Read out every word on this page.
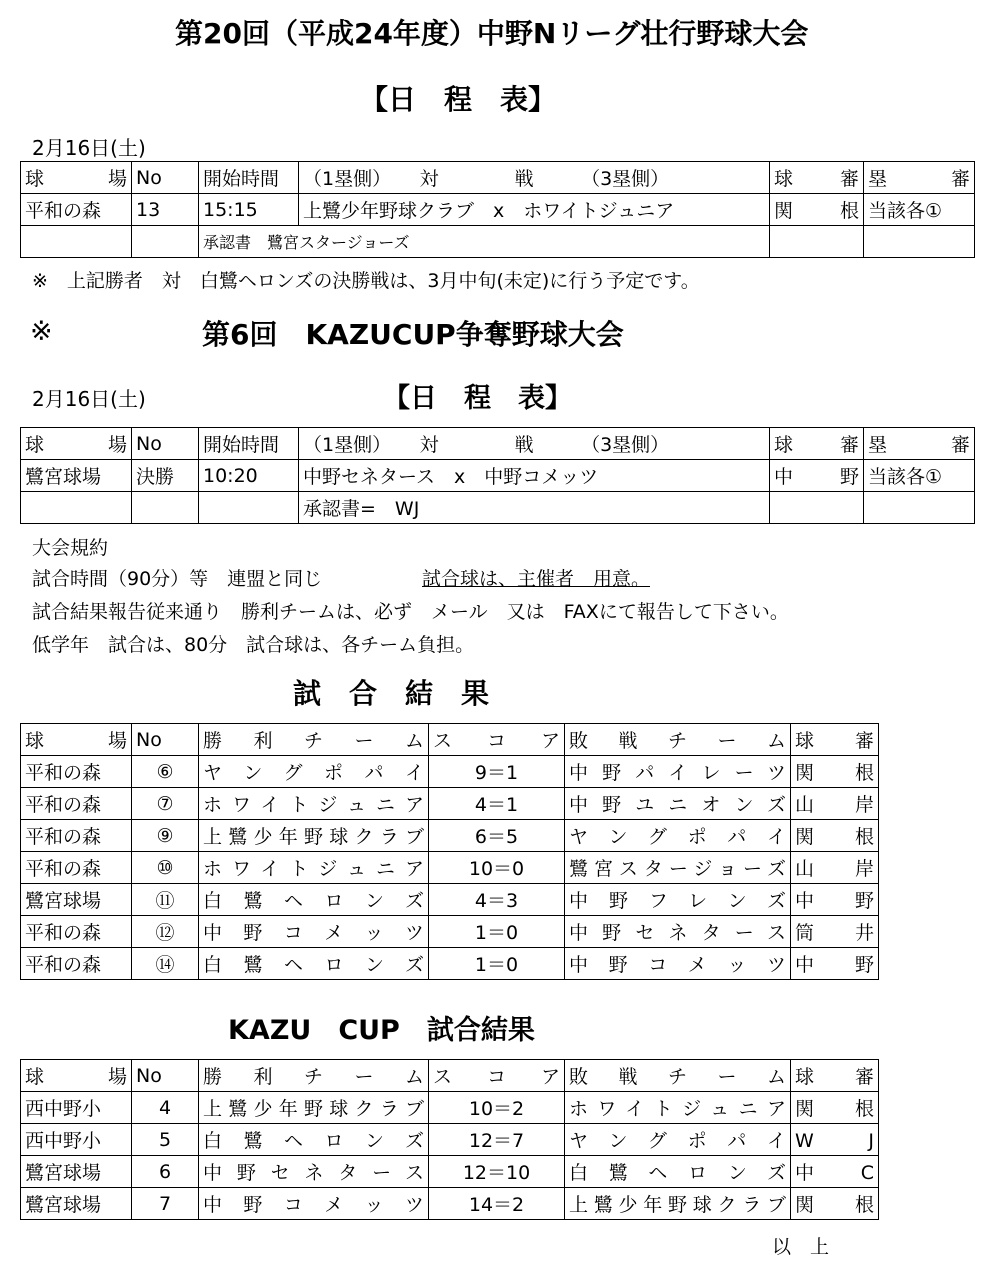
第20回（平成24年度）中野Nリーグ壮行野球大会
【日　程　表】
2月16日(土)
球　場	No	開始時間	（1塁側）　　対　　　　戦　　　（3塁側）	球　審	塁　審
平和の森	13	15:15	上鷺少年野球クラブ　x　ホワイトジュニア	関　根	当該各①
		承認書　鷺宮スタージョーズ			
※　上記勝者　対　白鷺ヘロンズの決勝戦は、3月中旬(未定)に行う予定です。
※	第6回　KAZUCUP争奪野球大会
2月16日(土)	【日　程　表】
球　場	No	開始時間	（1塁側）　　対　　　　戦　　　（3塁側）	球　審	塁　審
鷺宮球場	決勝	10:20	中野セネタース　x　中野コメッツ	中　野	当該各①
			承認書=　WJ		
大会規約
試合時間（90分）等　連盟と同じ	試合球は、主催者　用意。
試合結果報告従来通り　勝利チームは、必ず　メール　又は　FAXにて報告して下さい。
低学年　試合は、80分　試合球は、各チーム負担。
試　合　結　果
球　場	No	勝利チーム	スコア	敗戦チーム	球　審
平和の森	⑥	ヤングポパイ	9＝1	中野パイレーツ	関　根
平和の森	⑦	ホワイトジュニア	4＝1	中野ユニオンズ	山　岸
平和の森	⑨	上鷺少年野球クラブ	6＝5	ヤングポパイ	関　根
平和の森	⑩	ホワイトジュニア	10＝0	鷺宮スタージョーズ	山　岸
鷺宮球場	⑪	白鷺ヘロンズ	4＝3	中野フレンズ	中　野
平和の森	⑫	中野コメッツ	1＝0	中野セネタース	筒　井
平和の森	⑭	白鷺ヘロンズ	1＝0	中野コメッツ	中　野
KAZU　CUP　試合結果
球　場	No	勝利チーム	スコア	敗戦チーム	球　審
西中野小	4	上鷺少年野球クラブ	10＝2	ホワイトジュニア	関　根
西中野小	5	白鷺ヘロンズ	12＝7	ヤングポパイ	W　J
鷺宮球場	6	中野セネタース	12＝10	白鷺ヘロンズ	中　C
鷺宮球場	7	中野コメッツ	14＝2	上鷺少年野球クラブ	関　根
以　上
